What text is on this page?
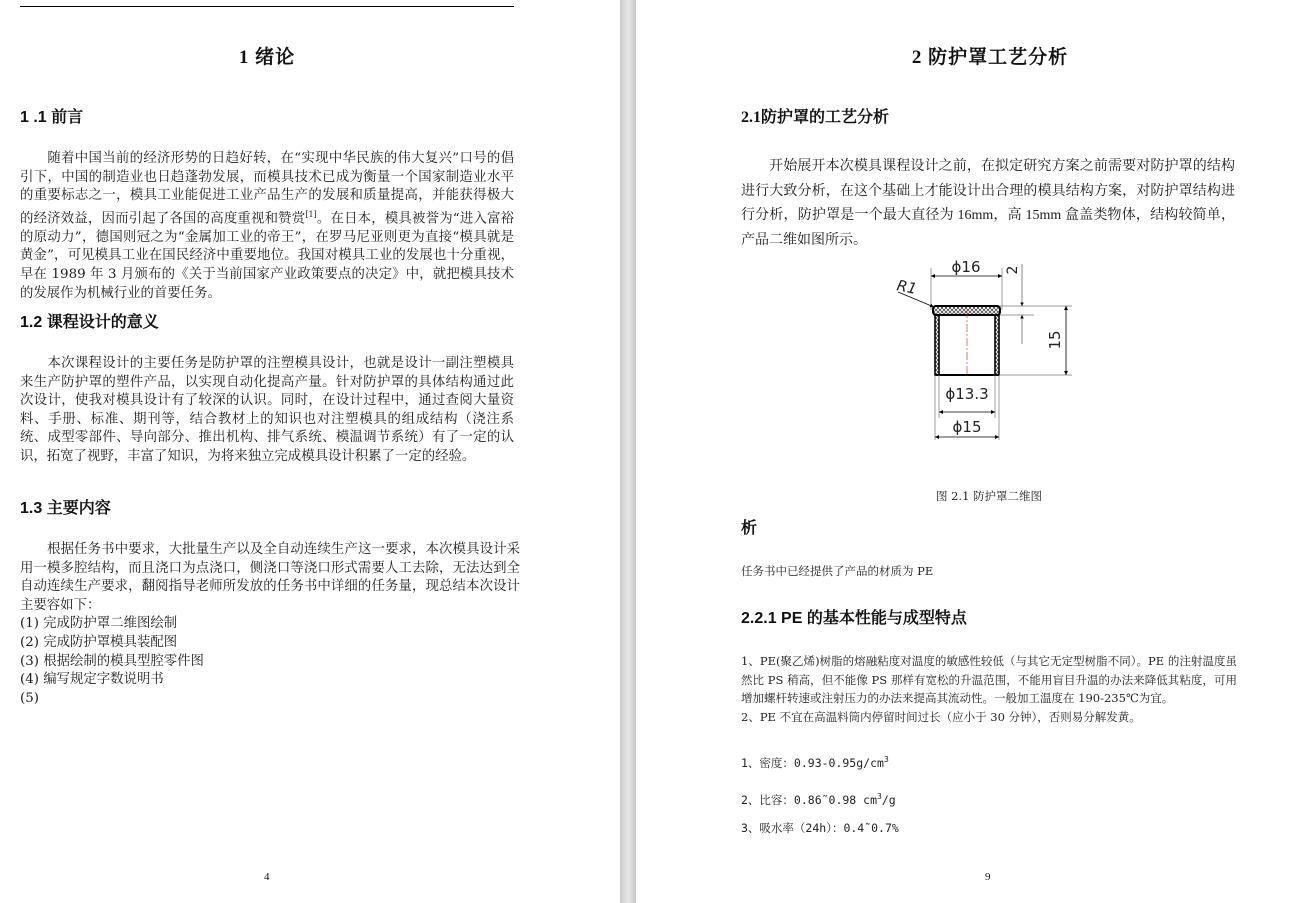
1 绪论
1 .1 前言
随着中国当前的经济形势的日趋好转，在“实现中华民族的伟大复兴”口号的倡引下，中国的制造业也日趋蓬勃发展，而模具技术已成为衡量一个国家制造业水平的重要标志之一，模具工业能促进工业产品生产的发展和质量提高，并能获得极大的经济效益，因而引起了各国的高度重视和赞赏[1]。在日本，模具被誉为“进入富裕的原动力”，德国则冠之为“金属加工业的帝王”，在罗马尼亚则更为直接“模具就是黄金”，可见模具工业在国民经济中重要地位。我国对模具工业的发展也十分重视，早在 1989 年 3 月颁布的《关于当前国家产业政策要点的决定》中，就把模具技术的发展作为机械行业的首要任务。
1.2 课程设计的意义
本次课程设计的主要任务是防护罩的注塑模具设计，也就是设计一副注塑模具来生产防护罩的塑件产品，以实现自动化提高产量。针对防护罩的具体结构通过此次设计，使我对模具设计有了较深的认识。同时，在设计过程中，通过查阅大量资料、手册、标准、期刊等，结合教材上的知识也对注塑模具的组成结构（浇注系统、成型零部件、导向部分、推出机构、排气系统、模温调节系统）有了一定的认识，拓宽了视野，丰富了知识，为将来独立完成模具设计积累了一定的经验。
1.3 主要内容
根据任务书中要求，大批量生产以及全自动连续生产这一要求，本次模具设计采用一模多腔结构，而且浇口为点浇口，侧浇口等浇口形式需要人工去除，无法达到全自动连续生产要求，翻阅指导老师所发放的任务书中详细的任务量，现总结本次设计主要容如下：
(1) 完成防护罩二维图绘制
(2) 完成防护罩模具装配图
(3) 根据绘制的模具型腔零件图
(4) 编写规定字数说明书
(5)
4
2 防护罩工艺分析
2.1防护罩的工艺分析
开始展开本次模具课程设计之前，在拟定研究方案之前需要对防护罩的结构进行大致分析，在这个基础上才能设计出合理的模具结构方案，对防护罩结构进行分析，防护罩是一个最大直径为 16mm，高 15mm 盒盖类物体，结构较简单，产品二维如图所示。
ϕ16
R1
2
15
ϕ13.3
ϕ15
图 2.1 防护罩二维图
析
任务书中已经提供了产品的材质为 PE
2.2.1 PE 的基本性能与成型特点
1、PE(聚乙烯)树脂的熔融粘度对温度的敏感性较低（与其它无定型树脂不同）。PE 的注射温度虽然比 PS 稍高，但不能像 PS 那样有宽松的升温范围，不能用盲目升温的办法来降低其粘度，可用增加螺杆转速或注射压力的办法来提高其流动性。一般加工温度在 190-235℃为宜。
2、PE 不宜在高温料筒内停留时间过长（应小于 30 分钟），否则易分解发黄。
1、密度：$0.93-0.95g/cm^3$
2、比容：0.86˜0.98 $cm^3/g$
3、吸水率（24h）：0.4˜0.7%
9
